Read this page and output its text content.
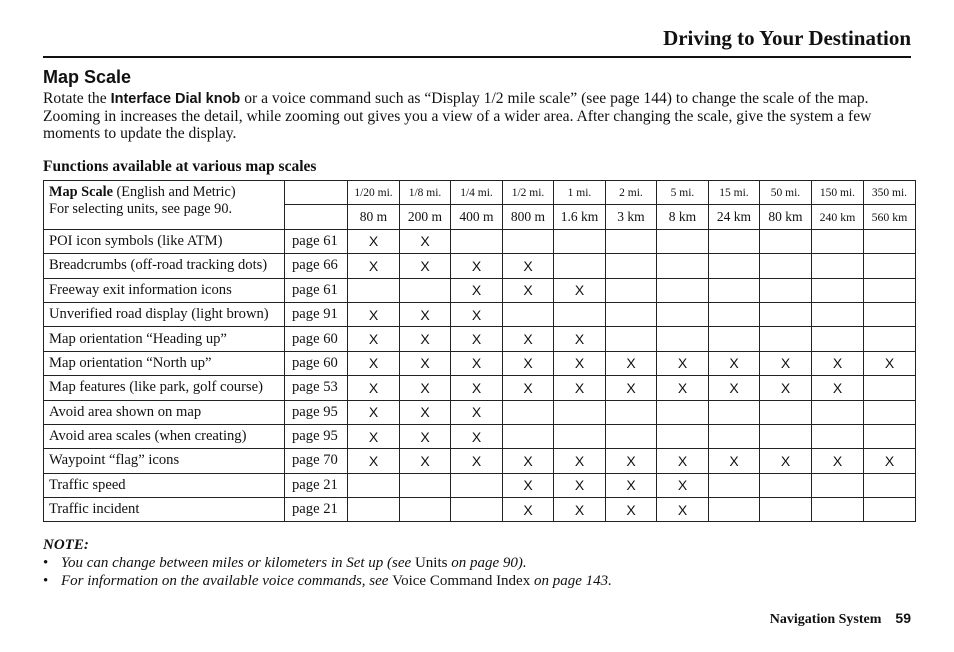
Driving to Your Destination
Map Scale

Rotate the Interface Dial knob or a voice command such as “Display 1/2 mile scale” (see page 144) to change the scale of the map. Zooming in increases the detail, while zooming out gives you a view of a wider area. After changing the scale, give the system a few moments to update the display.

Functions available at various map scales
Map Scale (English and Metric)
For selecting units, see page 90.		1/20 mi.	1/8 mi.	1/4 mi.	1/2 mi.	1 mi.	2 mi.	5 mi.	15 mi.	50 mi.	150 mi.	350 mi.
		80 m	200 m	400 m	800 m	1.6 km	3 km	8 km	24 km	80 km	240 km	560 km
POI icon symbols (like ATM)	page 61	X	X									
Breadcrumbs (off-road tracking dots)	page 66	X	X	X	X							
Freeway exit information icons	page 61			X	X	X						
Unverified road display (light brown)	page 91	X	X	X								
Map orientation “Heading up”	page 60	X	X	X	X	X						
Map orientation “North up”	page 60	X	X	X	X	X	X	X	X	X	X	X
Map features (like park, golf course)	page 53	X	X	X	X	X	X	X	X	X	X	
Avoid area shown on map	page 95	X	X	X								
Avoid area scales (when creating)	page 95	X	X	X								
Waypoint “flag” icons	page 70	X	X	X	X	X	X	X	X	X	X	X
Traffic speed	page 21				X	X	X	X				
Traffic incident	page 21				X	X	X	X				
NOTE:
• You can change between miles or kilometers in Set up (see Units on page 90).
• For information on the available voice commands, see Voice Command Index on page 143.
Navigation System 59
